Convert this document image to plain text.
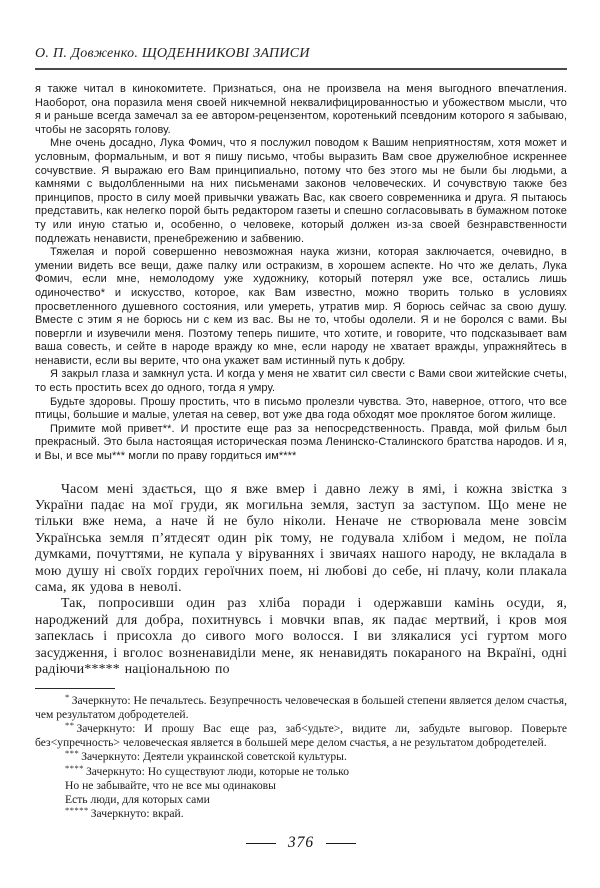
О. П. Довженко. ЩОДЕННИКОВІ ЗАПИСИ

я также читал в кинокомитете. Признаться, она не произвела на меня выгодного впечатления. Наоборот, она поразила меня своей никчемной неквалифицированностью и убожеством мысли, что я и раньше всегда замечал за ее автором-рецензентом, коротенький псевдоним которого я забываю, чтобы не засорять голову.

Мне очень досадно, Лука Фомич, что я послужил поводом к Вашим неприятностям, хотя может и условным, формальным, и вот я пишу письмо, чтобы выразить Вам свое дружелюбное искреннее сочувствие. Я выражаю его Вам принципиально, потому что без этого мы не были бы людьми, а камнями с выдолбленными на них письменами законов человеческих. И сочувствую также без принципов, просто в силу моей привычки уважать Вас, как своего современника и друга. Я пытаюсь представить, как нелегко порой быть редактором газеты и спешно согласовывать в бумажном потоке ту или иную статью и, особенно, о человеке, который должен из-за своей безнравственности подлежать ненависти, пренебрежению и забвению.

Тяжелая и порой совершенно невозможная наука жизни, которая заключается, очевидно, в умении видеть все вещи, даже палку или остракизм, в хорошем аспекте. Но что же делать, Лука Фомич, если мне, немолодому уже художнику, который потерял уже все, остались лишь одиночество* и искусство, которое, как Вам известно, можно творить только в условиях просветленного душевного состояния, или умереть, утратив мир. Я борюсь сейчас за свою душу. Вместе с этим я не борюсь ни с кем из вас. Вы не то, чтобы одолели. Я и не боролся с вами. Вы повергли и изувечили меня. Поэтому теперь пишите, что хотите, и говорите, что подсказывает вам ваша совесть, и сейте в народе вражду ко мне, если народу не хватает вражды, упражняйтесь в ненависти, если вы верите, что она укажет вам истинный путь к добру.

Я закрыл глаза и замкнул уста. И когда у меня не хватит сил свести с Вами свои житейские счеты, то есть простить всех до одного, тогда я умру.

Будьте здоровы. Прошу простить, что в письмо пролезли чувства. Это, наверное, оттого, что все птицы, большие и малые, улетая на север, вот уже два года обходят мое проклятое богом жилище.

Примите мой привет**. И простите еще раз за непосредственность. Правда, мой фильм был прекрасный. Это была настоящая историческая поэма Ленинско-Сталинского братства народов. И я, и Вы, и все мы*** могли по праву гордиться им****

Часом мені здається, що я вже вмер і давно лежу в ямі, і кожна звістка з України падає на мої груди, як могильна земля, заступ за заступом. Що мене не тільки вже нема, а наче й не було ніколи. Неначе не створювала мене зовсім Українська земля п’ятдесят один рік тому, не годувала хлібом і медом, не поїла думками, почуттями, не купала у віруваннях і звичаях нашого народу, не вкладала в мою душу ні своїх гордих героїчних поем, ні любові до себе, ні плачу, коли плакала сама, як удова в неволі.

Так, попросивши один раз хліба поради і одержавши камінь осуди, я, народжений для добра, похитнувсь і мовчки впав, як падає мертвий, і кров моя запеклась і присохла до сивого мого волосся. І ви злякалися усі гуртом мого засудження, і вголос возненавиділи мене, як ненавидять покараного на Вкраїні, одні радіючи***** національною по

* Зачеркнуто: Не печальтесь. Безупречность человеческая в большей степени является делом счастья, чем результатом добродетелей.
** Зачеркнуто: И прошу Вас еще раз, заб<удьте>, видите ли, забудьте выговор. Поверьте без<упречность> человеческая является в большей мере делом счастья, а не результатом добродетелей.
*** Зачеркнуто: Деятели украинской советской культуры.
**** Зачеркнуто: Но существуют люди, которые не только
Но не забывайте, что не все мы одинаковы
Есть люди, для которых сами
***** Зачеркнуто: вкрай.
376
